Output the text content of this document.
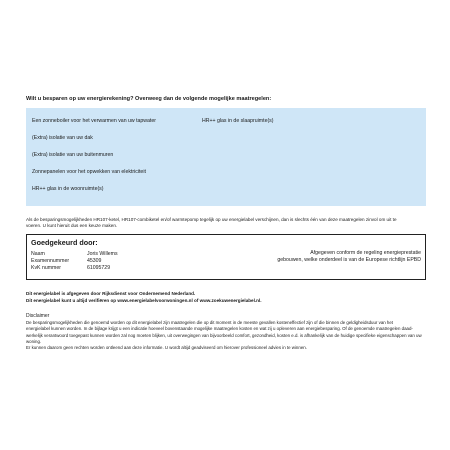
Wilt u besparen op uw energierekening? Overweeg dan de volgende mogelijke maatregelen:
Een zonneboiler voor het verwarmen van uw tapwater
(Extra) isolatie van uw dak
(Extra) isolatie van uw buitenmuren
Zonnepanelen voor het opwekken van elektriciteit
HR++ glas in de woonruimte(s)
HR++ glas in de slaapruimte(s)
Als de besparingsmogelijkheden HR107-ketel, HR107-combiketel en/of warmtepomp tegelijk op uw energielabel verschijnen, dan is slechts één van deze maatregelen zinvol om uit te
voeren. U kunt hieruit dus een keuze maken.
Goedgekeurd door:
Naam	Joris Willems
Examennummer	45309
KvK nummer	61095729
Afgegeven conform de regeling energieprestatie
gebouwen, welke onderdeel is van de Europese richtlijn EPBD
Dit energielabel is afgegeven door Rijksdienst voor Ondernemend Nederland.
Dit energielabel kunt u altijd verifiëren op www.energielabelvoorwoningen.nl of www.zoekuwenergielabel.nl.
Disclaimer
De besparingsmogelijkheden die genoemd worden op dit energielabel zijn maatregelen die op dit moment in de meeste gevallen kosteneffectief zijn of die binnen de geldigheidsduur van het
energielabel kunnen worden. In de bijlage krijgt u een indicatie hoeveel bovenstaande mogelijke maatregelen kosten en wat zij u opleveren aan energiebesparing. Of de genoemde maatregelen daad-
werkelijk verantwoord toegepast kunnen worden zal nog moeten blijken, uit overwegingen van bijvoorbeeld comfort, gezondheid, kosten e.d. is afhankelijk van de huidige specifieke eigenschappen van uw woning.
Er kunnen daarom geen rechten worden ontleend aan deze informatie. U wordt altijd geadviseerd om hierover professioneel advies in te winnen.
